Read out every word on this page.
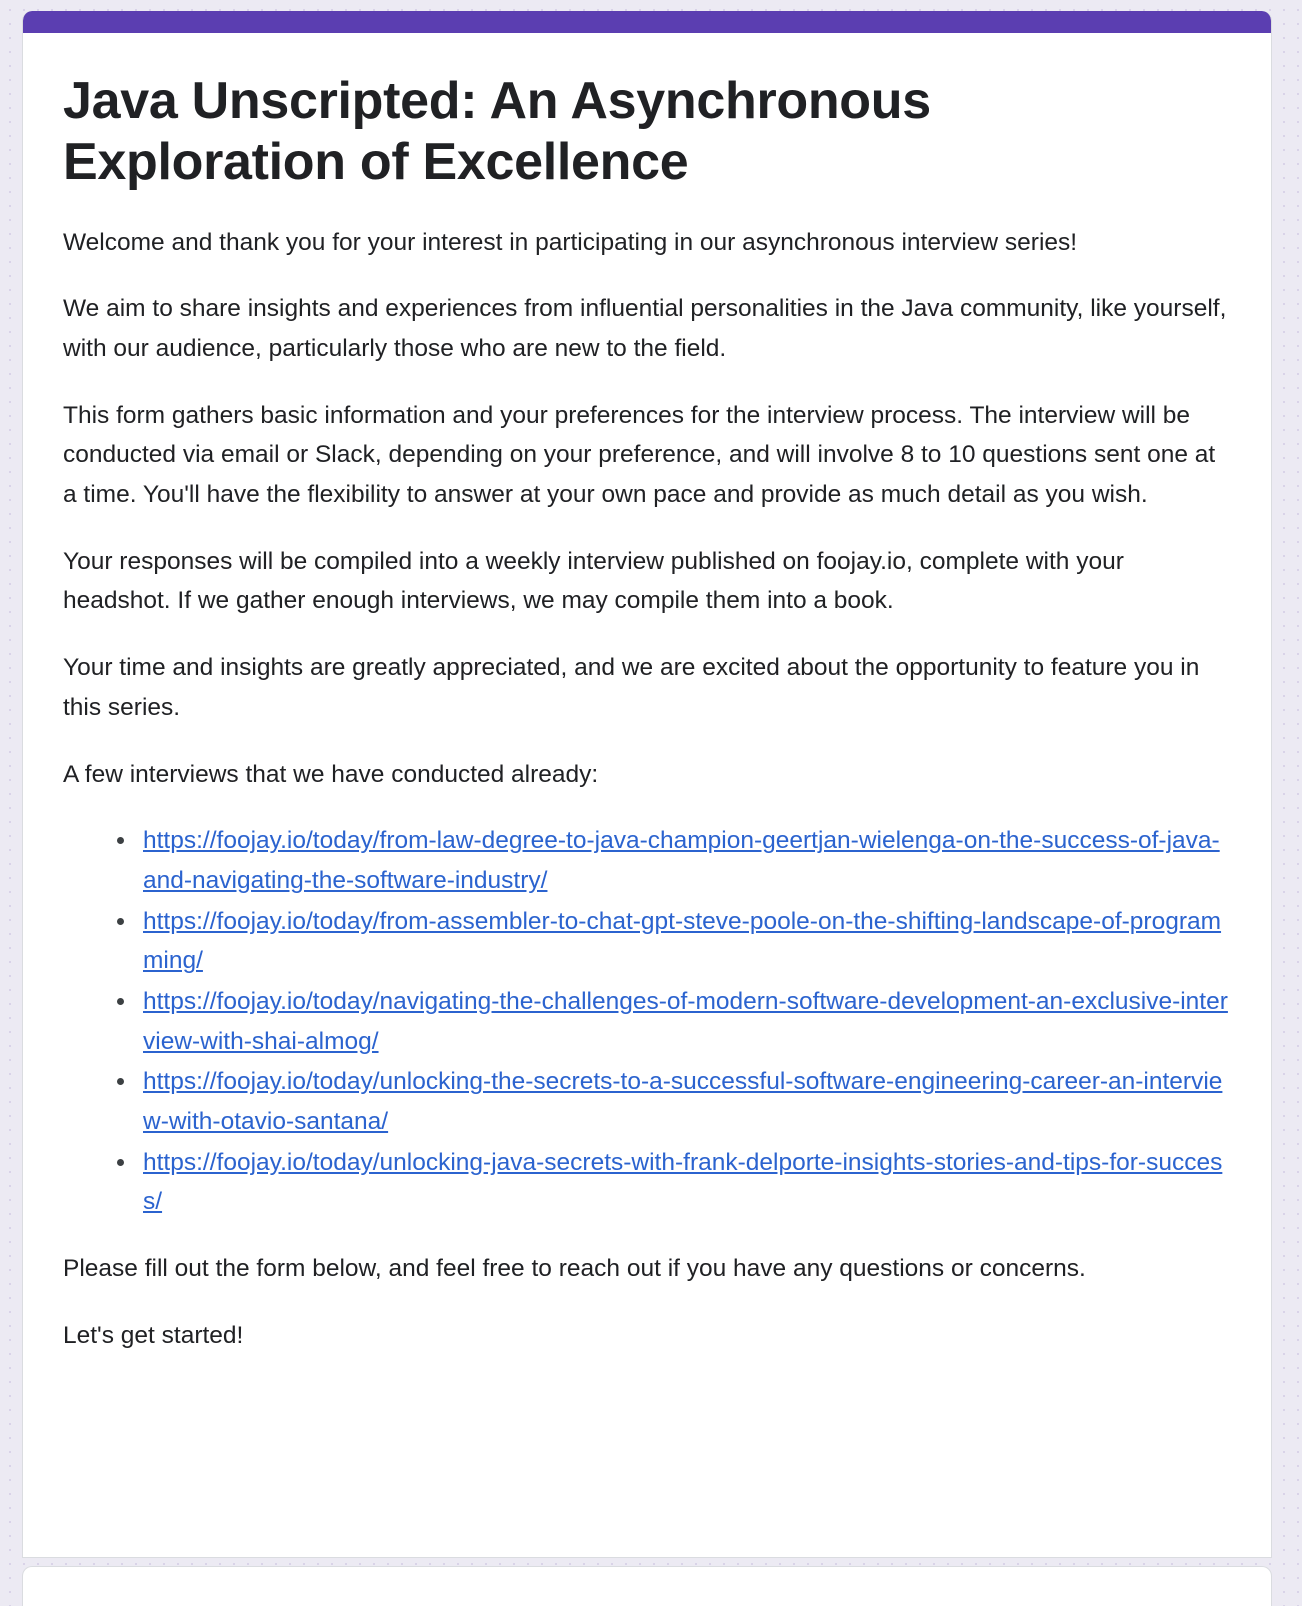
Java Unscripted: An Asynchronous Exploration of Excellence

Welcome and thank you for your interest in participating in our asynchronous interview series!

We aim to share insights and experiences from influential personalities in the Java community, like yourself, with our audience, particularly those who are new to the field.

This form gathers basic information and your preferences for the interview process. The interview will be conducted via email or Slack, depending on your preference, and will involve 8 to 10 questions sent one at a time. You'll have the flexibility to answer at your own pace and provide as much detail as you wish.

Your responses will be compiled into a weekly interview published on foojay.io, complete with your headshot. If we gather enough interviews, we may compile them into a book.

Your time and insights are greatly appreciated, and we are excited about the opportunity to feature you in this series.

A few interviews that we have conducted already:

https://foojay.io/today/from-law-degree-to-java-champion-geertjan-wielenga-on-the-success-of-java-and-navigating-the-software-industry/
https://foojay.io/today/from-assembler-to-chat-gpt-steve-poole-on-the-shifting-landscape-of-programming/
https://foojay.io/today/navigating-the-challenges-of-modern-software-development-an-exclusive-interview-with-shai-almog/
https://foojay.io/today/unlocking-the-secrets-to-a-successful-software-engineering-career-an-interview-with-otavio-santana/
https://foojay.io/today/unlocking-java-secrets-with-frank-delporte-insights-stories-and-tips-for-success/

Please fill out the form below, and feel free to reach out if you have any questions or concerns.

Let's get started!
